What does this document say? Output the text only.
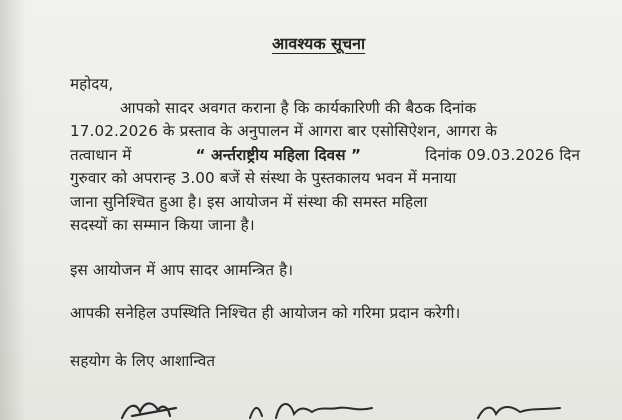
आवश्यक सूचना
महोदय,
आपको सादर अवगत कराना है कि कार्यकारिणी की बैठक दिनांक
17.02.2026 के प्रस्ताव के अनुपालन में आगरा बार एसोसिऐशन, आगरा के
तत्वाधान में	“ अर्न्तराष्ट्रीय महिला दिवस ”	दिनांक 09.03.2026 दिन
गुरुवार को अपरान्ह 3.00 बजें से संस्था के पुस्तकालय भवन में मनाया
जाना सुनिश्चित हुआ है। इस आयोजन में संस्था की समस्त महिला
सदस्यों का सम्मान किया जाना है।
इस आयोजन में आप सादर आमन्त्रित है।
आपकी सनेहिल उपस्थिति निश्चित ही आयोजन को गरिमा प्रदान करेगी।
सहयोग के लिए आशान्वित
